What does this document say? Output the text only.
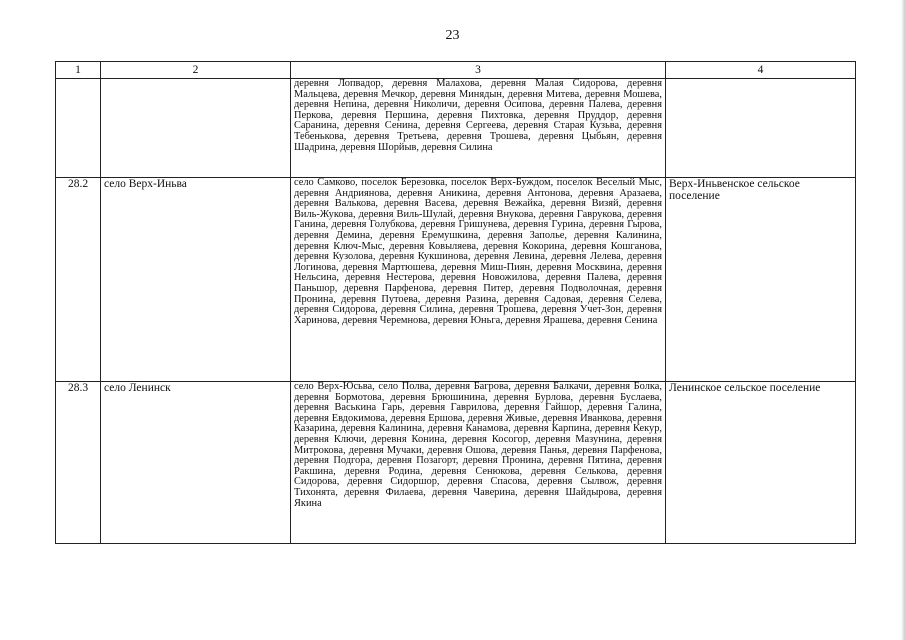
23
1	2	3	4
		деревня Лопвадор, деревня Малахова, деревня Малая Сидорова, деревня Мальцева, деревня Мечкор, деревня Минядын, деревня Митева, деревня Мошева, деревня Непина, деревня Николичи, деревня Осипова, деревня Палева, деревня Перкова, деревня Першина, деревня Пихтовка, деревня Пруддор, деревня Саранина, деревня Сенина, деревня Сергеева, деревня Старая Кузьва, деревня Тебенькова, деревня Третьева, деревня Трошева, деревня Цыбьян, деревня Шадрина, деревня Шорйыв, деревня Силина	
28.2	село Верх-Иньва	село Самково, поселок Березовка, поселок Верх-Буждом, поселок Веселый Мыс, деревня Андриянова, деревня Аникина, деревня Антонова, деревня Аразаева, деревня Валькова, деревня Васева, деревня Вежайка, деревня Визяй, деревня Виль-Жукова, деревня Виль-Шулай, деревня Внукова, деревня Гаврукова, деревня Ганина, деревня Голубкова, деревня Гришунева, деревня Гурина, деревня Гырова, деревня Демина, деревня Еремушкина, деревня Заполье, деревня Калинина, деревня Ключ-Мыс, деревня Ковыляева, деревня Кокорина, деревня Кошганова, деревня Кузолова, деревня Кукшинова, деревня Левина, деревня Лелева, деревня Логинова, деревня Мартюшева, деревня Миш-Пиян, деревня Москвина, деревня Нельсина, деревня Нестерова, деревня Новожилова, деревня Палева, деревня Паньшор, деревня Парфенова, деревня Питер, деревня Подволочная, деревня Пронина, деревня Путоева, деревня Разина, деревня Садовая, деревня Селева, деревня Сидорова, деревня Силина, деревня Трошева, деревня Учет-Зон, деревня Харинова, деревня Черемнова, деревня Юньга, деревня Ярашева, деревня Сенина	Верх-Иньвенское сельское поселение
28.3	село Ленинск	село Верх-Юсьва, село Полва, деревня Багрова, деревня Балкачи, деревня Болка, деревня Бормотова, деревня Брюшинина, деревня Бурлова, деревня Буслаева, деревня Васькина Гарь, деревня Гаврилова, деревня Гайшор, деревня Галина, деревня Евдокимова, деревня Ершова, деревня Живые, деревня Иванкова, деревня Казарина, деревня Калинина, деревня Канамова, деревня Карпина, деревня Кекур, деревня Ключи, деревня Конина, деревня Косогор, деревня Мазунина, деревня Митрокова, деревня Мучаки, деревня Ошова, деревня Панья, деревня Парфенова, деревня Подгора, деревня Позагорт, деревня Пронина, деревня Пятина, деревня Ракшина, деревня Родина, деревня Сенюкова, деревня Селькова, деревня Сидорова, деревня Сидоршор, деревня Спасова, деревня Сылвож, деревня Тихонята, деревня Филаева, деревня Чаверина, деревня Шайдырова, деревня Якина	Ленинское сельское поселение
